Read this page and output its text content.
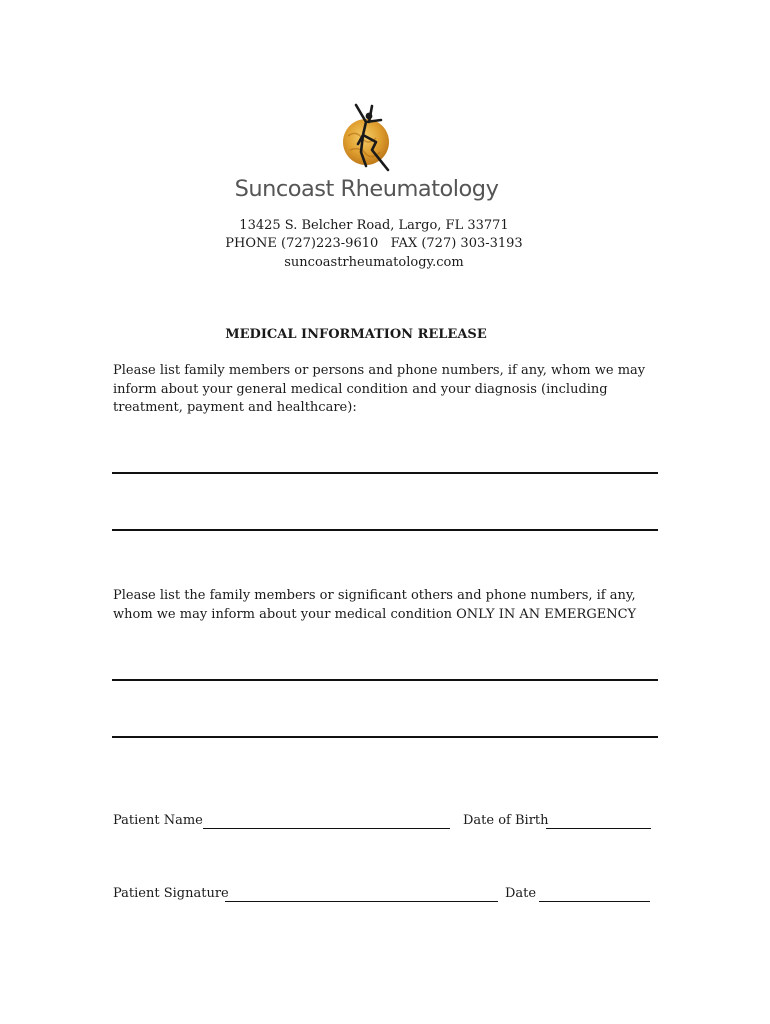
Suncoast Rheumatology
13425 S. Belcher Road, Largo, FL 33771
PHONE (727)223-9610   FAX (727) 303-3193
suncoastrheumatology.com
MEDICAL INFORMATION RELEASE
Please list family members or persons and phone numbers, if any, whom we may
inform about your general medical condition and your diagnosis (including
treatment, payment and healthcare):
Please list the family members or significant others and phone numbers, if any,
whom we may inform about your medical condition ONLY IN AN EMERGENCY
Patient Name	Date of Birth
Patient Signature	Date
